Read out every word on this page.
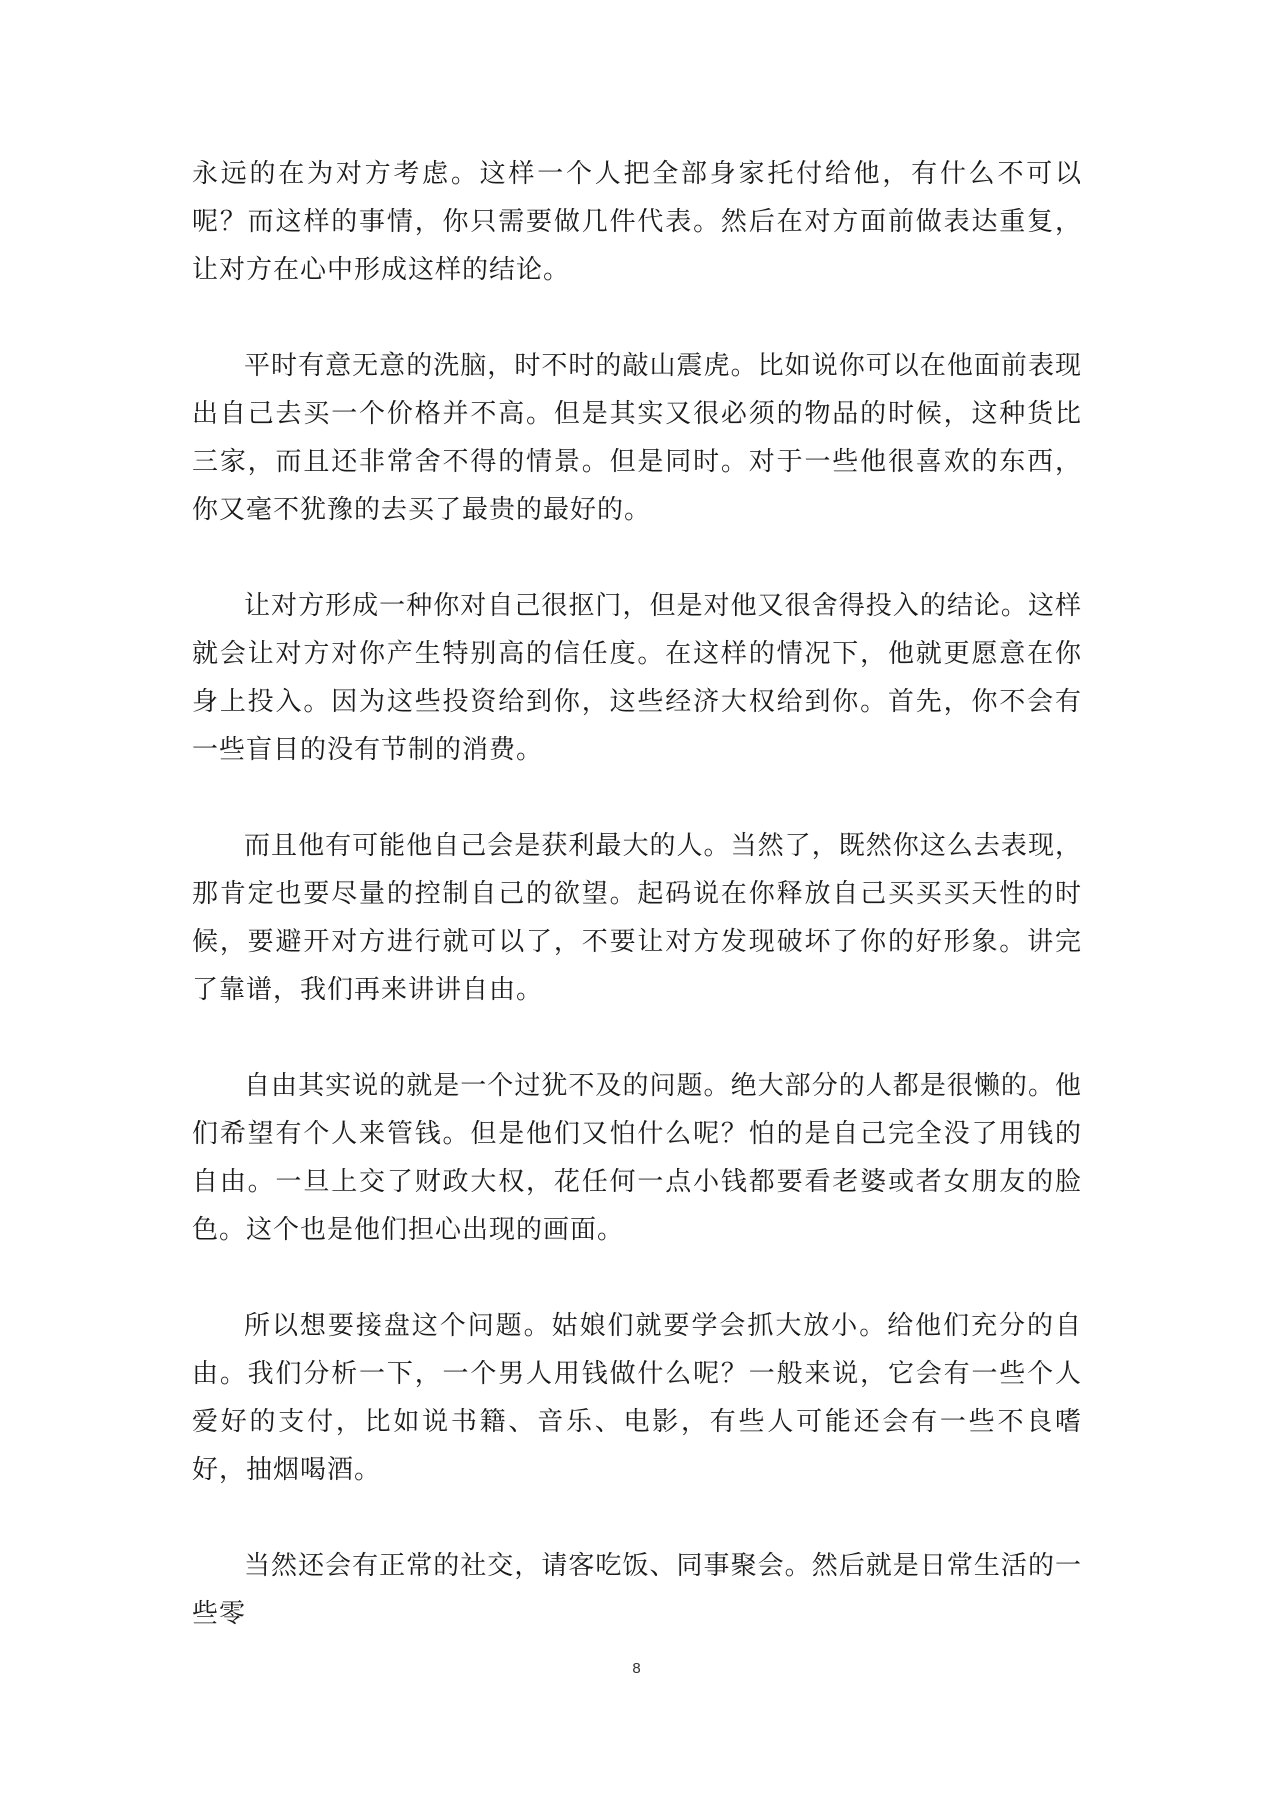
永远的在为对方考虑。这样一个人把全部身家托付给他，有什么不可以呢？而这样的事情，你只需要做几件代表。然后在对方面前做表达重复，让对方在心中形成这样的结论。

平时有意无意的洗脑，时不时的敲山震虎。比如说你可以在他面前表现出自己去买一个价格并不高。但是其实又很必须的物品的时候，这种货比三家，而且还非常舍不得的情景。但是同时。对于一些他很喜欢的东西，你又毫不犹豫的去买了最贵的最好的。

让对方形成一种你对自己很抠门，但是对他又很舍得投入的结论。这样就会让对方对你产生特别高的信任度。在这样的情况下，他就更愿意在你身上投入。因为这些投资给到你，这些经济大权给到你。首先，你不会有一些盲目的没有节制的消费。

而且他有可能他自己会是获利最大的人。当然了，既然你这么去表现，那肯定也要尽量的控制自己的欲望。起码说在你释放自己买买买天性的时候，要避开对方进行就可以了，不要让对方发现破坏了你的好形象。讲完了靠谱，我们再来讲讲自由。

自由其实说的就是一个过犹不及的问题。绝大部分的人都是很懒的。他们希望有个人来管钱。但是他们又怕什么呢？怕的是自己完全没了用钱的自由。一旦上交了财政大权，花任何一点小钱都要看老婆或者女朋友的脸色。这个也是他们担心出现的画面。

所以想要接盘这个问题。姑娘们就要学会抓大放小。给他们充分的自由。我们分析一下，一个男人用钱做什么呢？一般来说，它会有一些个人爱好的支付，比如说书籍、音乐、电影，有些人可能还会有一些不良嗜好，抽烟喝酒。

当然还会有正常的社交，请客吃饭、同事聚会。然后就是日常生活的一些零

8
